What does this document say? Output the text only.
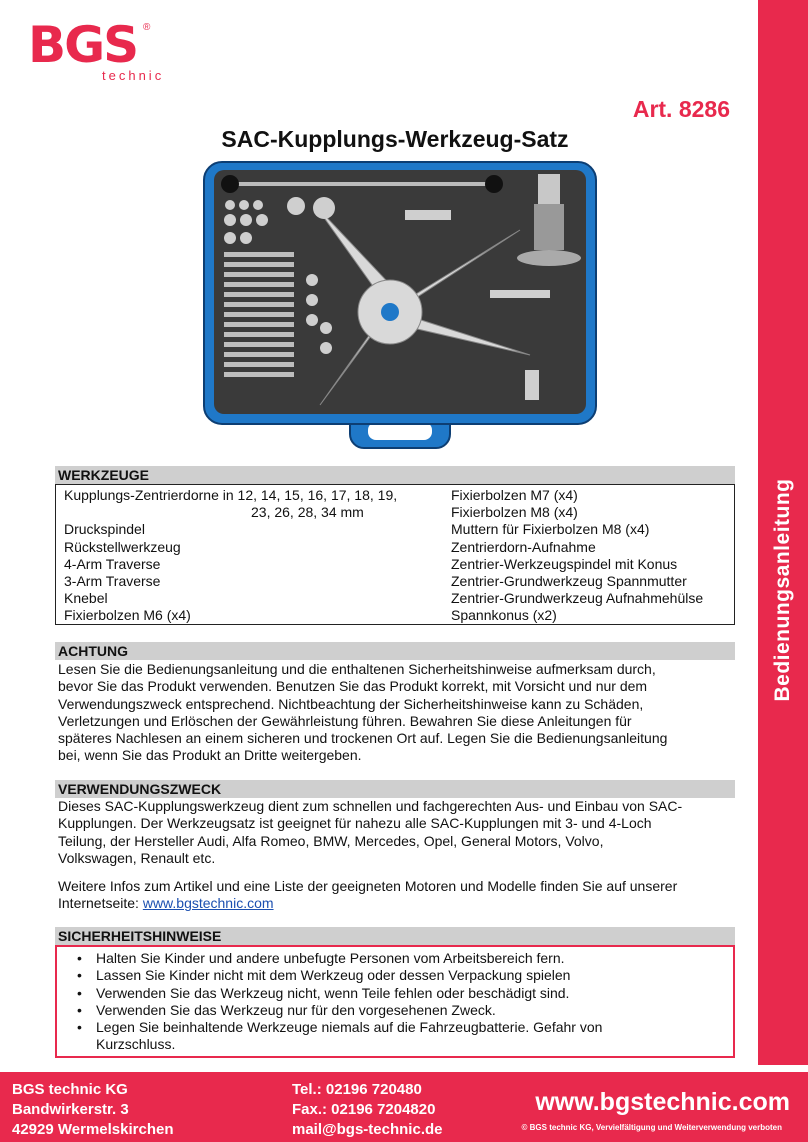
Bedienungsanleitung
BGS ®
technic
Art. 8286
SAC-Kupplungs-Werkzeug-Satz
WERKZEUGE
Kupplungs-Zentrierdorne in 12, 14, 15, 16, 17, 18, 19,
23, 26, 28, 34 mm
Druckspindel
Rückstellwerkzeug
4-Arm Traverse
3-Arm Traverse
Knebel
Fixierbolzen M6 (x4)
Fixierbolzen M7 (x4)
Fixierbolzen M8 (x4)
Muttern für Fixierbolzen M8 (x4)
Zentrierdorn-Aufnahme
Zentrier-Werkzeugspindel mit Konus
Zentrier-Grundwerkzeug Spannmutter
Zentrier-Grundwerkzeug Aufnahmehülse
Spannkonus (x2)
ACHTUNG
Lesen Sie die Bedienungsanleitung und die enthaltenen Sicherheitshinweise aufmerksam durch,
bevor Sie das Produkt verwenden. Benutzen Sie das Produkt korrekt, mit Vorsicht und nur dem
Verwendungszweck entsprechend. Nichtbeachtung der Sicherheitshinweise kann zu Schäden,
Verletzungen und Erlöschen der Gewährleistung führen. Bewahren Sie diese Anleitungen für
späteres Nachlesen an einem sicheren und trockenen Ort auf. Legen Sie die Bedienungsanleitung
bei, wenn Sie das Produkt an Dritte weitergeben.
VERWENDUNGSZWECK
Dieses SAC-Kupplungswerkzeug dient zum schnellen und fachgerechten Aus- und Einbau von SAC-
Kupplungen. Der Werkzeugsatz ist geeignet für nahezu alle SAC-Kupplungen mit 3- und 4-Loch
Teilung, der Hersteller Audi, Alfa Romeo, BMW, Mercedes, Opel, General Motors, Volvo,
Volkswagen, Renault etc.
Weitere Infos zum Artikel und eine Liste der geeigneten Motoren und Modelle finden Sie auf unserer
Internetseite: www.bgstechnic.com
SICHERHEITSHINWEISE
• Halten Sie Kinder und andere unbefugte Personen vom Arbeitsbereich fern.
• Lassen Sie Kinder nicht mit dem Werkzeug oder dessen Verpackung spielen
• Verwenden Sie das Werkzeug nicht, wenn Teile fehlen oder beschädigt sind.
• Verwenden Sie das Werkzeug nur für den vorgesehenen Zweck.
• Legen Sie beinhaltende Werkzeuge niemals auf die Fahrzeugbatterie. Gefahr von Kurzschluss.
BGS technic KG
Bandwirkerstr. 3
42929 Wermelskirchen
Tel.: 02196 720480
Fax.: 02196 7204820
mail@bgs-technic.de
www.bgstechnic.com
© BGS technic KG, Vervielfältigung und Weiterverwendung verboten
